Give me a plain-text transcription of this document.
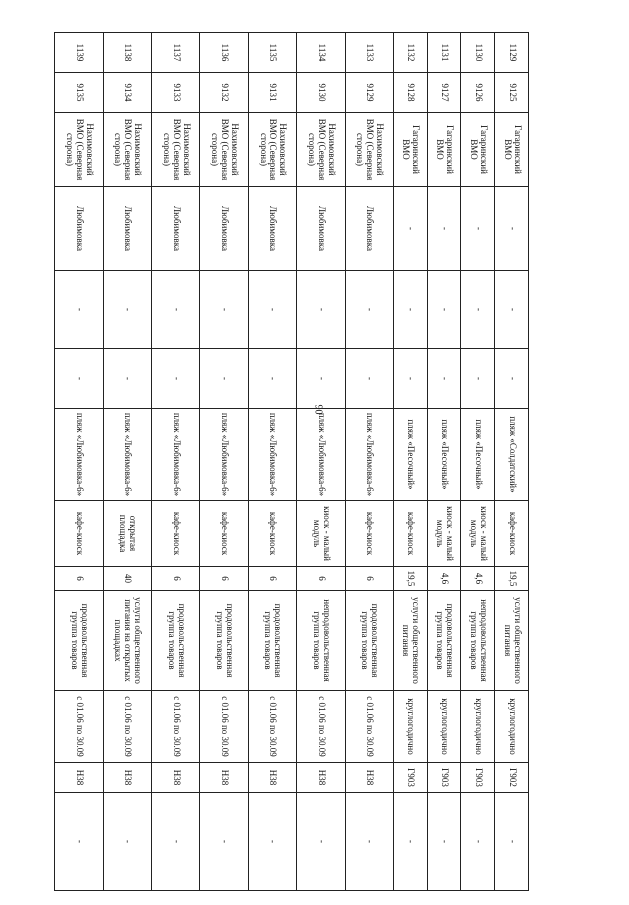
90
1129	9125	Гагаринский ВМО	-	-	-	пляж «Солдатский»	кафе-киоск	19,5	услуги общественного питания	круглогодично	Г902	-
1130	9126	Гагаринский ВМО	-	-	-	пляж «Песочный»	киоск - малый модуль	4,6	непродовольственная группа товаров	круглогодично	Г903	-
1131	9127	Гагаринский ВМО	-	-	-	пляж «Песочный»	киоск - малый модуль	4,6	продовольственная группа товаров	круглогодично	Г903	-
1132	9128	Гагаринский ВМО	-	-	-	пляж «Песочный»	кафе-киоск	19,5	услуги общественного питания	круглогодично	Г903	-
1133	9129	Нахимовский ВМО (Северная сторона)	Любимовка	-	-	пляж «Любимовка-6»	кафе-киоск	6	продовольственная группа товаров	с 01.06 по 30.09	Н38	-
1134	9130	Нахимовский ВМО (Северная сторона)	Любимовка	-	-	пляж «Любимовка-6»	киоск - малый модуль	6	непродовольственная группа товаров	с 01.06 по 30.09	Н38	-
1135	9131	Нахимовский ВМО (Северная сторона)	Любимовка	-	-	пляж «Любимовка-6»	кафе-киоск	6	продовольственная группа товаров	с 01.06 по 30.09	Н38	-
1136	9132	Нахимовский ВМО (Северная сторона)	Любимовка	-	-	пляж «Любимовка-6»	кафе-киоск	6	продовольственная группа товаров	с 01.06 по 30.09	Н38	-
1137	9133	Нахимовский ВМО (Северная сторона)	Любимовка	-	-	пляж «Любимовка-6»	кафе-киоск	6	продовольственная группа товаров	с 01.06 по 30.09	Н38	-
1138	9134	Нахимовский ВМО (Северная сторона)	Любимовка	-	-	пляж «Любимовка-6»	открытая площадка	40	услуги общественного питания на открытых площадках	с 01.06 по 30.09	Н38	-
1139	9135	Нахимовский ВМО (Северная сторона)	Любимовка	-	-	пляж «Любимовка-6»	кафе-киоск	6	продовольственная группа товаров	с 01.06 по 30.09	Н38	-
